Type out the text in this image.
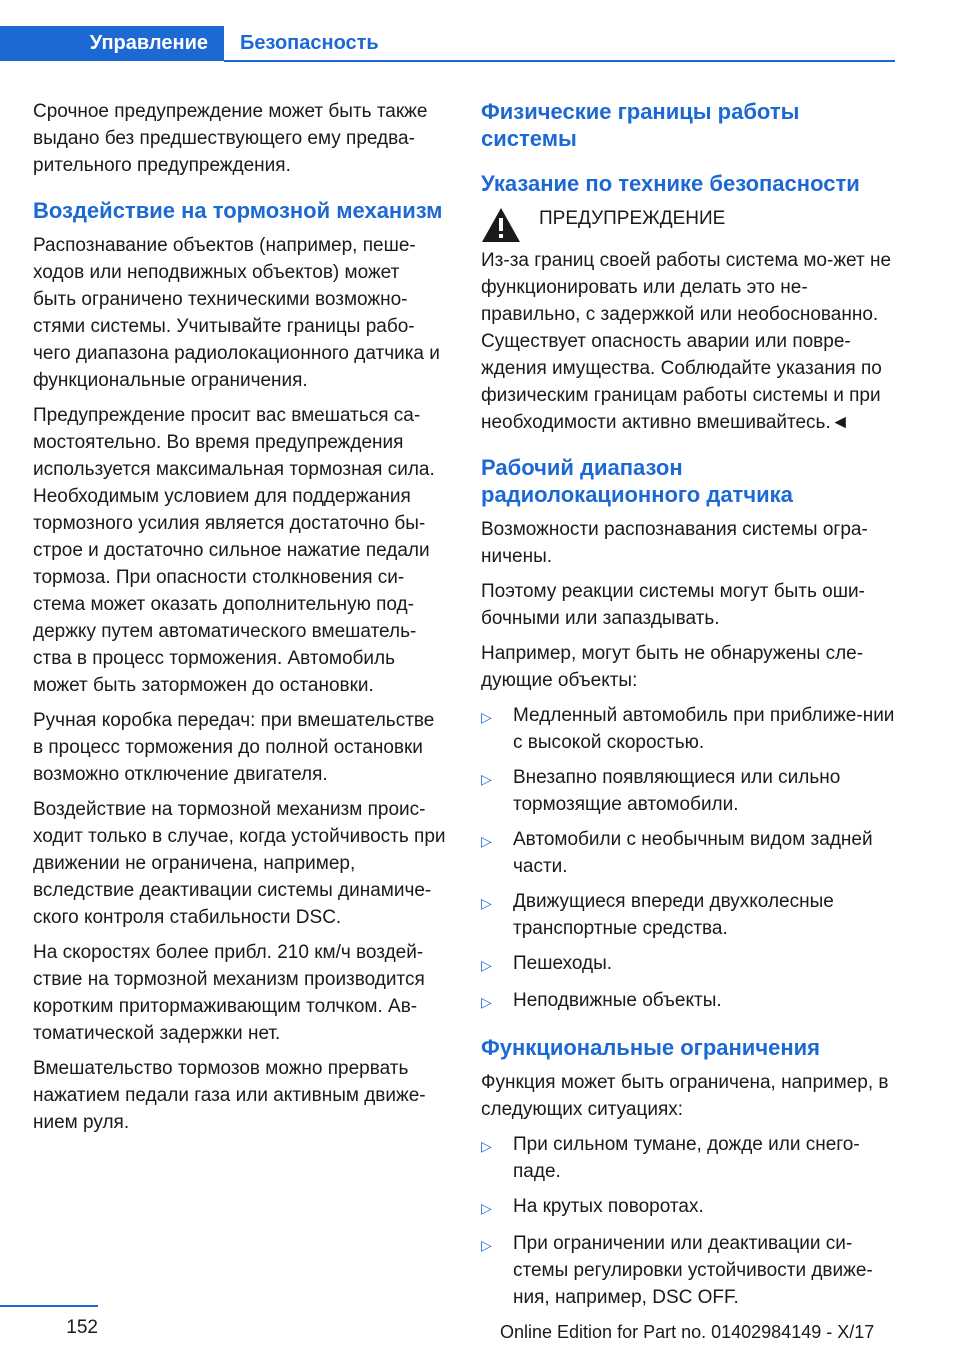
Управление Безопасность

Срочное предупреждение может быть также выдано без предшествующего ему предва‐рительного предупреждения.

Воздействие на тормозной механизм

Распознавание объектов (например, пеше‐ходов или неподвижных объектов) может быть ограничено техническими возможно‐стями системы. Учитывайте границы рабо‐чего диапазона радиолокационного датчика и функциональные ограничения.

Предупреждение просит вас вмешаться са‐мостоятельно. Во время предупреждения используется максимальная тормозная сила. Необходимым условием для поддержания тормозного усилия является достаточно бы‐строе и достаточно сильное нажатие педали тормоза. При опасности столкновения си‐стема может оказать дополнительную под‐держку путем автоматического вмешатель‐ства в процесс торможения. Автомобиль может быть заторможен до остановки.

Ручная коробка передач: при вмешательстве в процесс торможения до полной остановки возможно отключение двигателя.

Воздействие на тормозной механизм проис‐ходит только в случае, когда устойчивость при движении не ограничена, например, вследствие деактивации системы динамиче‐ского контроля стабильности DSC.

На скоростях более прибл. 210 км/ч воздей‐ствие на тормозной механизм производится коротким притормаживающим толчком. Ав‐томатической задержки нет.

Вмешательство тормозов можно прервать нажатием педали газа или активным движе‐нием руля.

Физические границы работы системы
Указание по технике безопасности
ПРЕДУПРЕЖДЕНИЕ

Из-за границ своей работы система мо‐жет не функционировать или делать это не‐правильно, с задержкой или необоснованно. Существует опасность аварии или повре‐ждения имущества. Соблюдайте указания по физическим границам работы системы и при необходимости активно вмешивайтесь.◄

Рабочий диапазон радиолокационного датчика

Возможности распознавания системы огра‐ничены.

Поэтому реакции системы могут быть оши‐бочными или запаздывать.

Например, могут быть не обнаружены сле‐дующие объекты:

▷	Медленный автомобиль при приближе‐нии с высокой скоростью.
▷	Внезапно появляющиеся или сильно тормозящие автомобили.
▷	Автомобили с необычным видом задней части.
▷	Движущиеся впереди двухколесные транспортные средства.
▷	Пешеходы.
▷	Неподвижные объекты.
Функциональные ограничения

Функция может быть ограничена, например, в следующих ситуациях:

▷	При сильном тумане, дожде или снего‐паде.
▷	На крутых поворотах.
▷	При ограничении или деактивации си‐стемы регулировки устойчивости движе‐ния, например, DSC OFF.
152	Online Edition for Part no. 01402984149 - X/17
